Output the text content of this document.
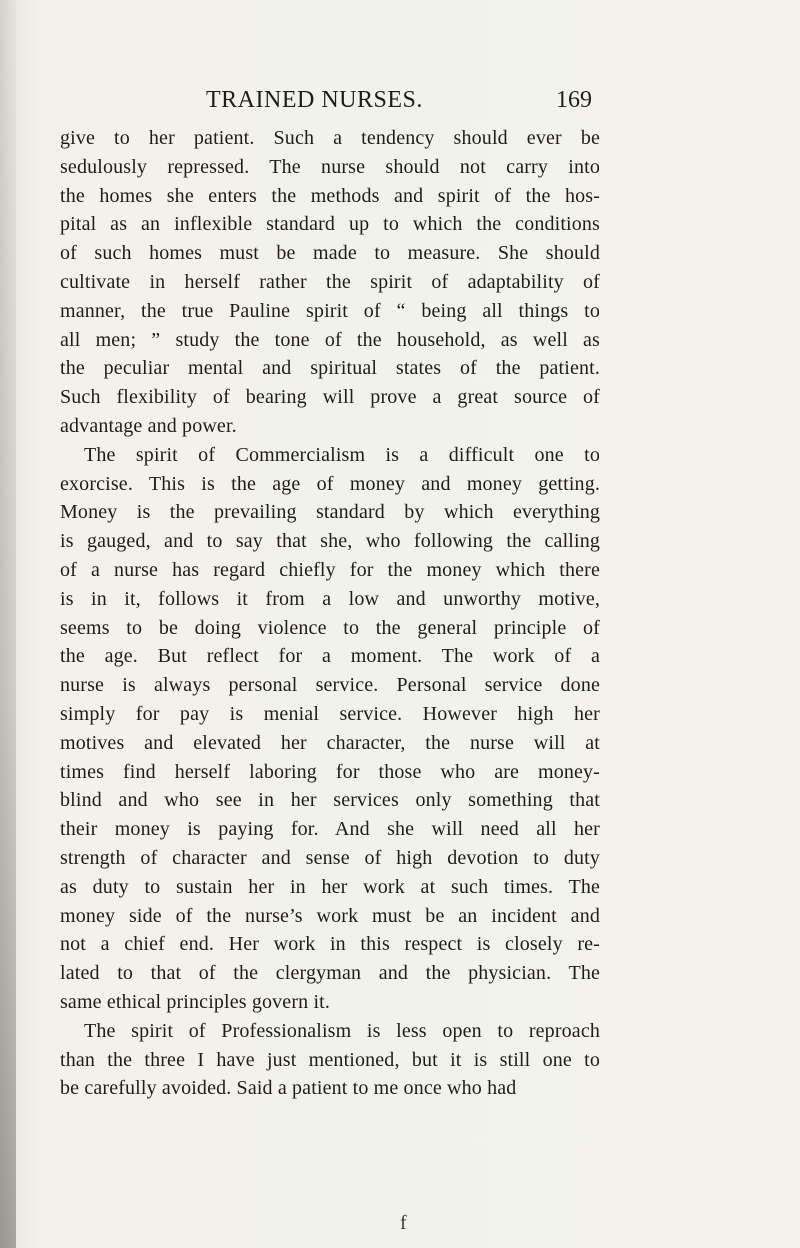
TRAINED NURSES.	169
give to her patient. Such a tendency should ever be
sedulously repressed. The nurse should not carry into
the homes she enters the methods and spirit of the hos-
pital as an inflexible standard up to which the conditions
of such homes must be made to measure. She should
cultivate in herself rather the spirit of adaptability of
manner, the true Pauline spirit of “ being all things to
all men; ” study the tone of the household, as well as
the peculiar mental and spiritual states of the patient.
Such flexibility of bearing will prove a great source of
advantage and power.
The spirit of Commercialism is a difficult one to
exorcise. This is the age of money and money getting.
Money is the prevailing standard by which everything
is gauged, and to say that she, who following the calling
of a nurse has regard chiefly for the money which there
is in it, follows it from a low and unworthy motive,
seems to be doing violence to the general principle of
the age. But reflect for a moment. The work of a
nurse is always personal service. Personal service done
simply for pay is menial service. However high her
motives and elevated her character, the nurse will at
times find herself laboring for those who are money-
blind and who see in her services only something that
their money is paying for. And she will need all her
strength of character and sense of high devotion to duty
as duty to sustain her in her work at such times. The
money side of the nurse’s work must be an incident and
not a chief end. Her work in this respect is closely re-
lated to that of the clergyman and the physician. The
same ethical principles govern it.
The spirit of Professionalism is less open to reproach
than the three I have just mentioned, but it is still one to
be carefully avoided. Said a patient to me once who had
f
